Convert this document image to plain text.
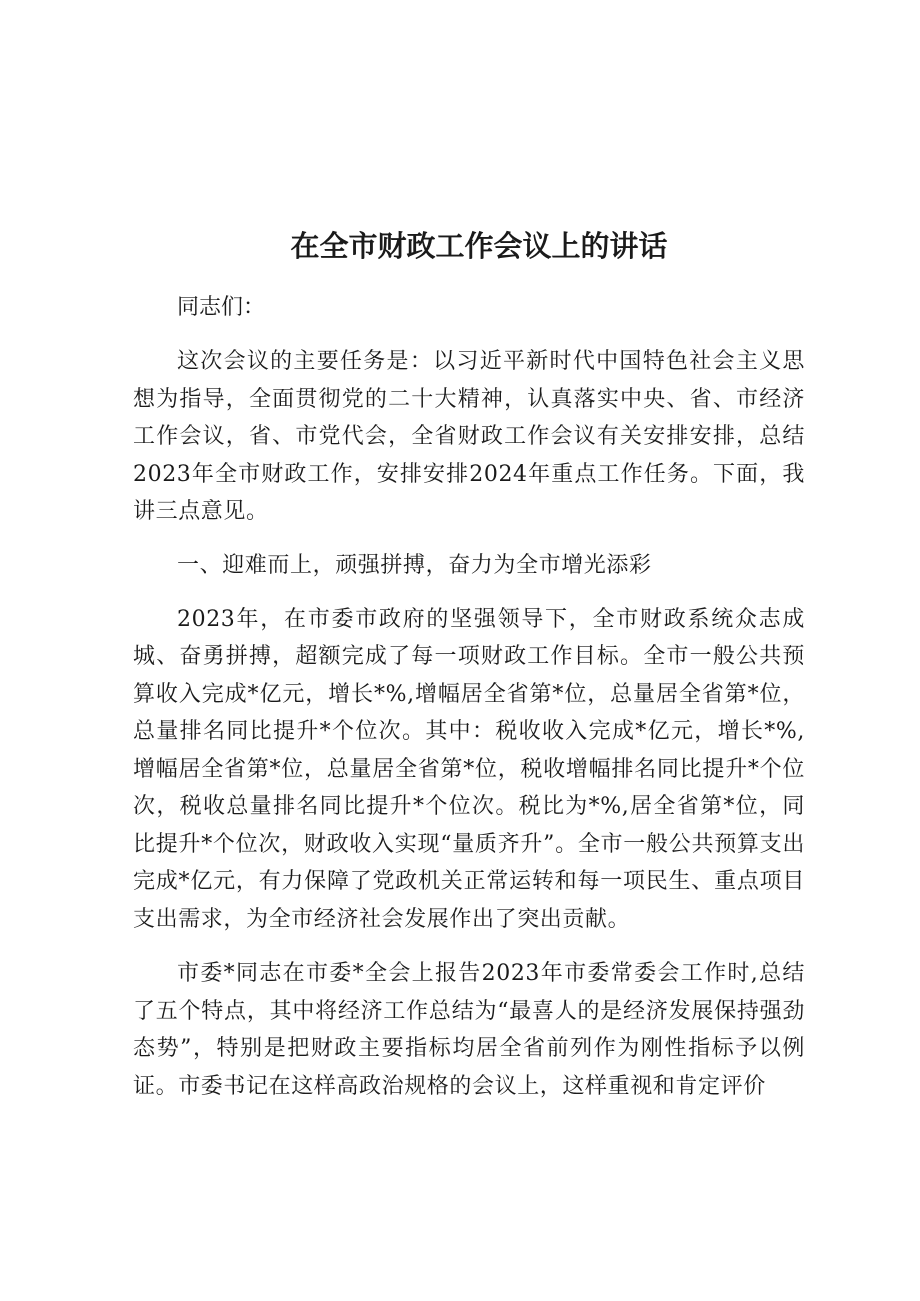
在全市财政工作会议上的讲话

同志们：

这次会议的主要任务是：以习近平新时代中国特色社会主义思想为指导，全面贯彻党的二十大精神，认真落实中央、省、市经济工作会议，省、市党代会，全省财政工作会议有关安排安排，总结2023年全市财政工作，安排安排2024年重点工作任务。下面，我讲三点意见。

一、迎难而上，顽强拼搏，奋力为全市增光添彩

2023年，在市委市政府的坚强领导下，全市财政系统众志成城、奋勇拼搏，超额完成了每一项财政工作目标。全市一般公共预算收入完成*亿元，增长*%,增幅居全省第*位，总量居全省第*位，总量排名同比提升*个位次。其中：税收收入完成*亿元，增长*%,增幅居全省第*位，总量居全省第*位，税收增幅排名同比提升*个位次，税收总量排名同比提升*个位次。税比为*%,居全省第*位，同比提升*个位次，财政收入实现“量质齐升”。全市一般公共预算支出完成*亿元，有力保障了党政机关正常运转和每一项民生、重点项目支出需求，为全市经济社会发展作出了突出贡献。

市委*同志在市委*全会上报告2023年市委常委会工作时,总结了五个特点，其中将经济工作总结为“最喜人的是经济发展保持强劲态势”，特别是把财政主要指标均居全省前列作为刚性指标予以例证。市委书记在这样高政治规格的会议上，这样重视和肯定评价
